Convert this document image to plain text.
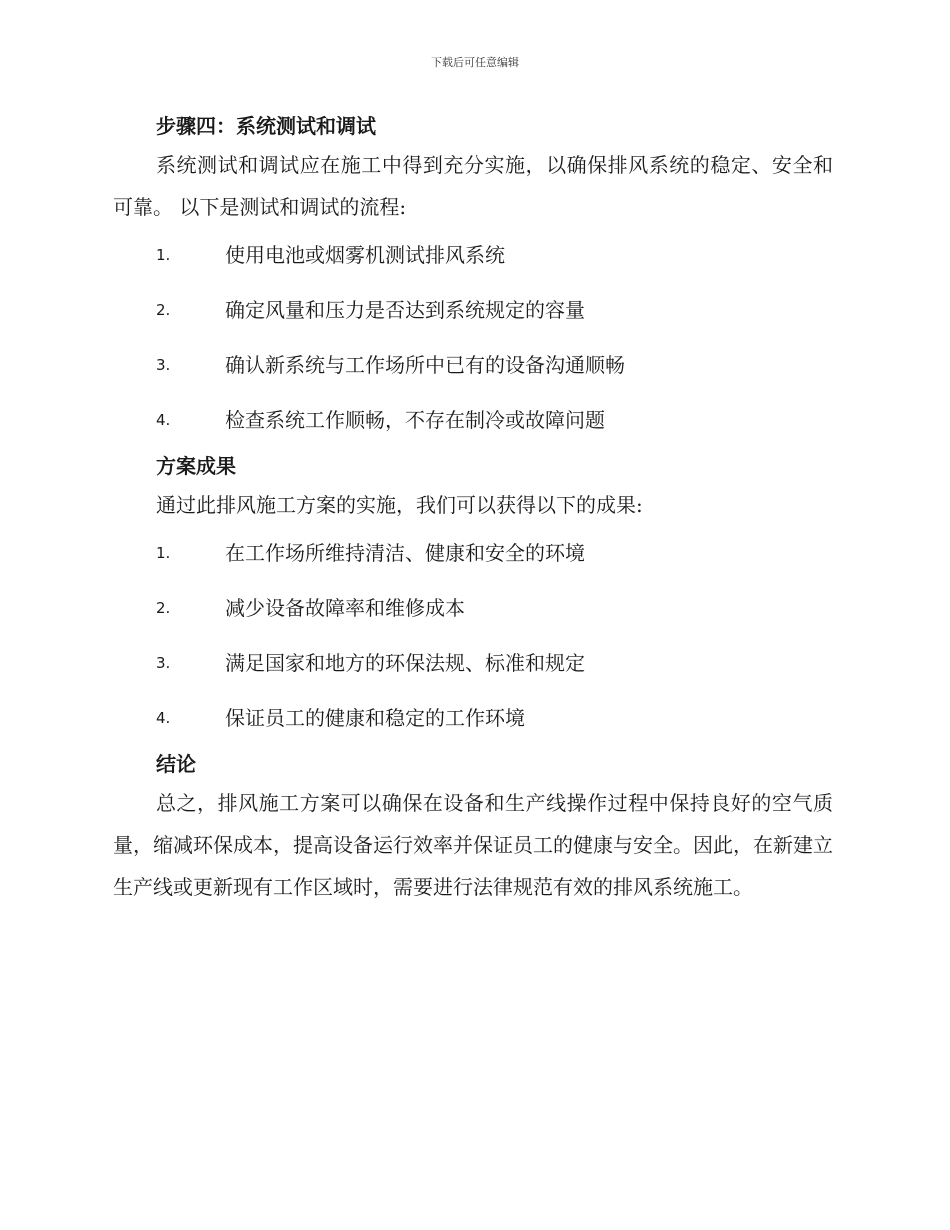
下载后可任意编辑
步骤四：系统测试和调试

系统测试和调试应在施工中得到充分实施，以确保排风系统的稳定、安全和可靠。 以下是测试和调试的流程:

1.	使用电池或烟雾机测试排风系统
2.	确定风量和压力是否达到系统规定的容量
3.	确认新系统与工作场所中已有的设备沟通顺畅
4.	检查系统工作顺畅，不存在制冷或故障问题
方案成果

通过此排风施工方案的实施，我们可以获得以下的成果:

1.	在工作场所维持清洁、健康和安全的环境
2.	减少设备故障率和维修成本
3.	满足国家和地方的环保法规、标准和规定
4.	保证员工的健康和稳定的工作环境
结论

总之，排风施工方案可以确保在设备和生产线操作过程中保持良好的空气质量，缩减环保成本，提高设备运行效率并保证员工的健康与安全。因此，在新建立生产线或更新现有工作区域时，需要进行法律规范有效的排风系统施工。
